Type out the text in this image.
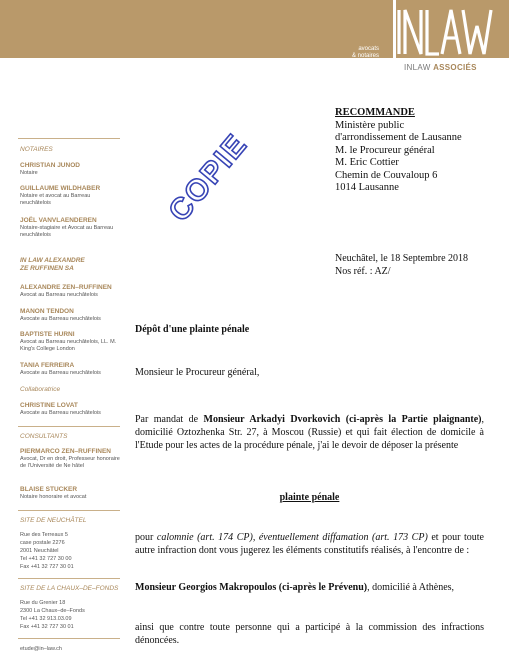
avocats
& notaires
INLAW ASSOCIÉS
NOTAIRES
CHRISTIAN JUNOD
Notaire
GUILLAUME WILDHABER
Notaire et avocat au Barreau neuchâtelois
JOËL VANVLAENDEREN
Notaire-stagiaire et Avocat au Barreau neuchâtelois
IN LAW ALEXANDRE
ZE RUFFINEN SA
ALEXANDRE ZEN–RUFFINEN
Avocat au Barreau neuchâtelois
MANON TENDON
Avocate au Barreau neuchâtelois
BAPTISTE HURNI
Avocat au Barreau neuchâtelois, LL. M. King's College London
TANIA FERREIRA
Avocate au Barreau neuchâtelois
Collaboratrice
CHRISTINE LOVAT
Avocate au Barreau neuchâtelois
CONSULTANTS
PIERMARCO ZEN–RUFFINEN
Avocat, Dr en droit, Professeur honoraire de l'Université de Ne hâtel
BLAISE STUCKER
Notaire honoraire et avocat
SITE DE NEUCHÂTEL
Rue des Terreaux 5
case postale 2276
2001 Neuchâtel
Tel +41 32 727 30 00
Fax +41 32 727 30 01
SITE DE LA CHAUX–DE–FONDS
Rue du Grenier 18
2300 La Chaux–de–Fonds
Tel +41 32 913.03.09
Fax +41 32 727 30 01
etude@in–law.ch
COPIE
RECOMMANDE
Ministère public
d'arrondissement de Lausanne
M. le Procureur général
M. Eric Cottier
Chemin de Couvaloup 6
1014 Lausanne
Neuchâtel, le 18 Septembre 2018
Nos réf. : AZ/
Dépôt d'une plainte pénale
Monsieur le Procureur général,
Par mandat de Monsieur Arkadyi Dvorkovich (ci-après la Partie plaignante), domicilié Oztozhenka Str. 27, à Moscou (Russie) et qui fait élection de domicile à l'Etude pour les actes de la procédure pénale, j'ai le devoir de déposer la présente
plainte pénale
pour calomnie (art. 174 CP), éventuellement diffamation (art. 173 CP) et pour toute autre infraction dont vous jugerez les éléments constitutifs réalisés, à l'encontre de :
Monsieur Georgios Makropoulos (ci-après le Prévenu), domicilié à Athènes,
ainsi que contre toute personne qui a participé à la commission des infractions dénoncées.
